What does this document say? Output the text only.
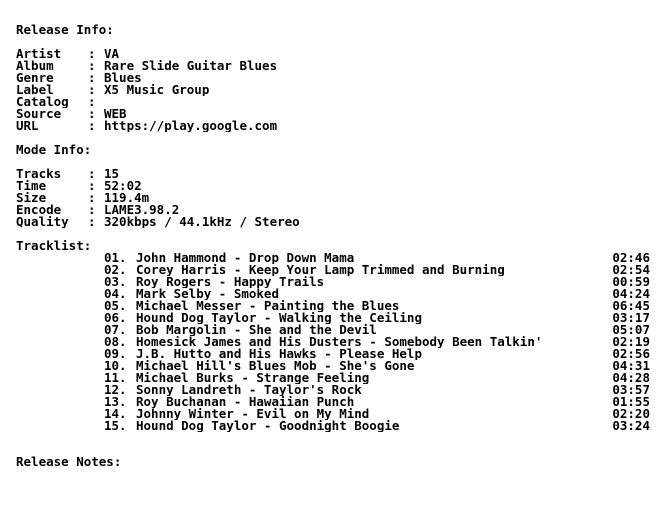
Release Info:
Artist	: VA
Album	: Rare Slide Guitar Blues
Genre	: Blues
Label	: X5 Music Group
Catalog	:
Source	: WEB
URL	: https://play.google.com
Mode Info:
Tracks	: 15
Time	: 52:02
Size	: 119.4m
Encode	: LAME3.98.2
Quality	: 320kbps / 44.1kHz / Stereo
Tracklist:
01. John Hammond - Drop Down Mama	02:46
02. Corey Harris - Keep Your Lamp Trimmed and Burning	02:54
03. Roy Rogers - Happy Trails	00:59
04. Mark Selby - Smoked	04:24
05. Michael Messer - Painting the Blues	06:45
06. Hound Dog Taylor - Walking the Ceiling	03:17
07. Bob Margolin - She and the Devil	05:07
08. Homesick James and His Dusters - Somebody Been Talkin'	02:19
09. J.B. Hutto and His Hawks - Please Help	02:56
10. Michael Hill's Blues Mob - She's Gone	04:31
11. Michael Burks - Strange Feeling	04:28
12. Sonny Landreth - Taylor's Rock	03:57
13. Roy Buchanan - Hawaiian Punch	01:55
14. Johnny Winter - Evil on My Mind	02:20
15. Hound Dog Taylor - Goodnight Boogie	03:24
Release Notes:
